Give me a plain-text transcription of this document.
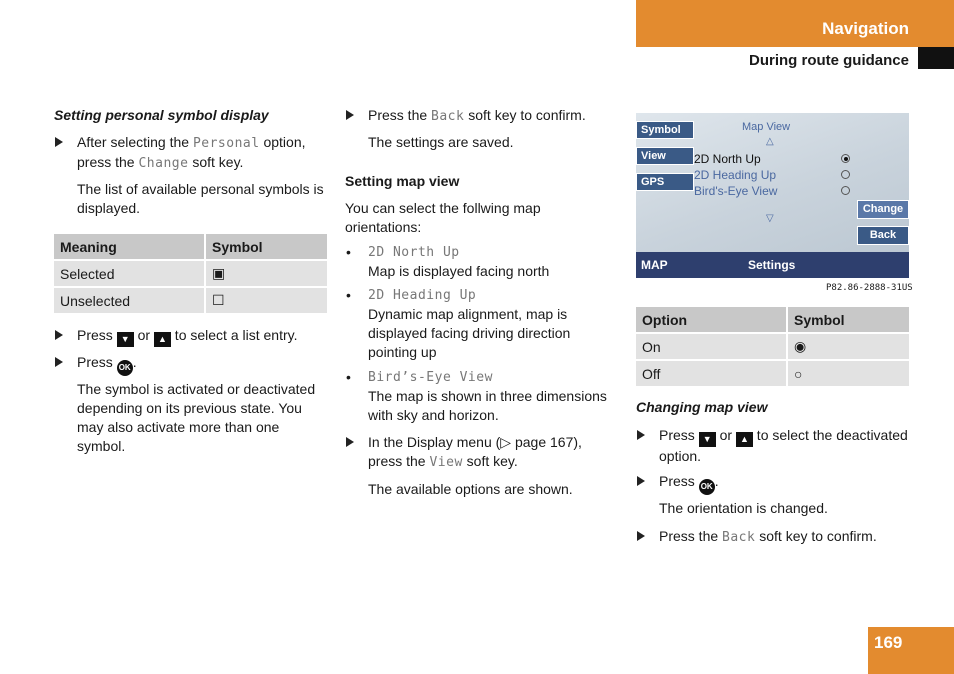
Navigation
During route guidance
Setting personal symbol display
After selecting the Personal option, press the Change soft key.
The list of available personal symbols is displayed.
Meaning	Symbol
Selected	▣
Unselected	☐
Press ▼ or ▲ to select a list entry.
Press OK .
The symbol is activated or deactivated depending on its previous state. You may also activate more than one symbol.
Press the Back soft key to confirm.
The settings are saved.
Setting map view
You can select the follwing map orientations:
• 2D North Up
Map is displayed facing north
• 2D Heading Up
Dynamic map alignment, map is displayed facing driving direction pointing up
• Bird’s-Eye View
The map is shown in three dimensions with sky and horizon.
In the Display menu (▷ page 167), press the View soft key.
The available options are shown.
Symbol
View
GPS
Map View
△
2D North Up
2D Heading Up
Bird's-Eye View
▽
Change
Back
MAP	Settings
P82.86-2888-31US
Option	Symbol
On	◉
Off	○
Changing map view
Press ▼ or ▲ to select the deactivated option.
Press OK .
The orientation is changed.
Press the Back soft key to confirm.
169
